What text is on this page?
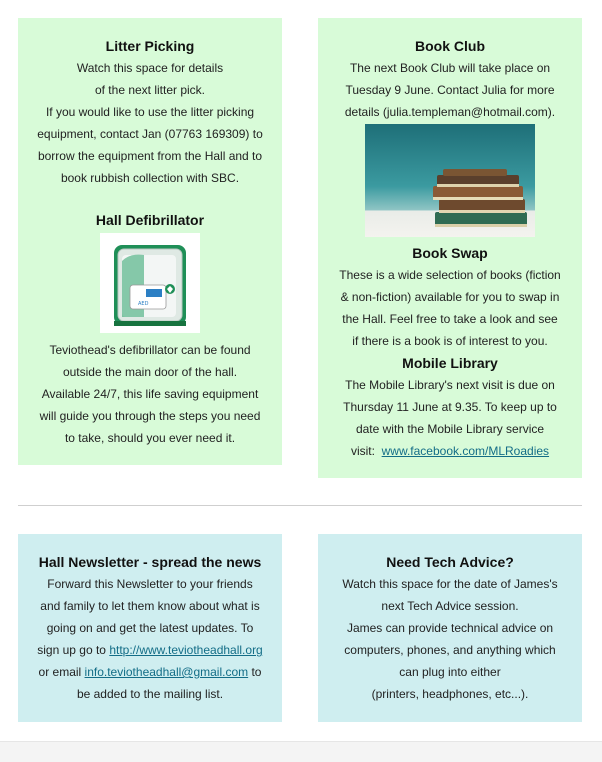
Litter Picking
Watch this space for details
of the next litter pick.
If you would like to use the litter picking
equipment, contact Jan (07763 169309) to
borrow the equipment from the Hall and to
book rubbish collection with SBC.
Hall Defibrillator
AED
Teviothead's defibrillator can be found
outside the main door of the hall.
Available 24/7, this life saving equipment
will guide you through the steps you need
to take, should you ever need it.
Book Club
The next Book Club will take place on
Tuesday 9 June. Contact Julia for more
details (julia.templeman@hotmail.com).
Book Swap
These is a wide selection of books (fiction
& non-fiction) available for you to swap in
the Hall. Feel free to take a look and see
if there is a book is of interest to you.
Mobile Library
The Mobile Library's next visit is due on
Thursday 11 June at 9.35. To keep up to
date with the Mobile Library service
visit:  www.facebook.com/MLRoadies
Hall Newsletter - spread the news
Forward this Newsletter to your friends
and family to let them know about what is
going on and get the latest updates. To
sign up go to http://www.teviotheadhall.org
or email info.teviotheadhall@gmail.com to
be added to the mailing list.
Need Tech Advice?
Watch this space for the date of James's
next Tech Advice session.
James can provide technical advice on
computers, phones, and anything which
can plug into either
(printers, headphones, etc...).
